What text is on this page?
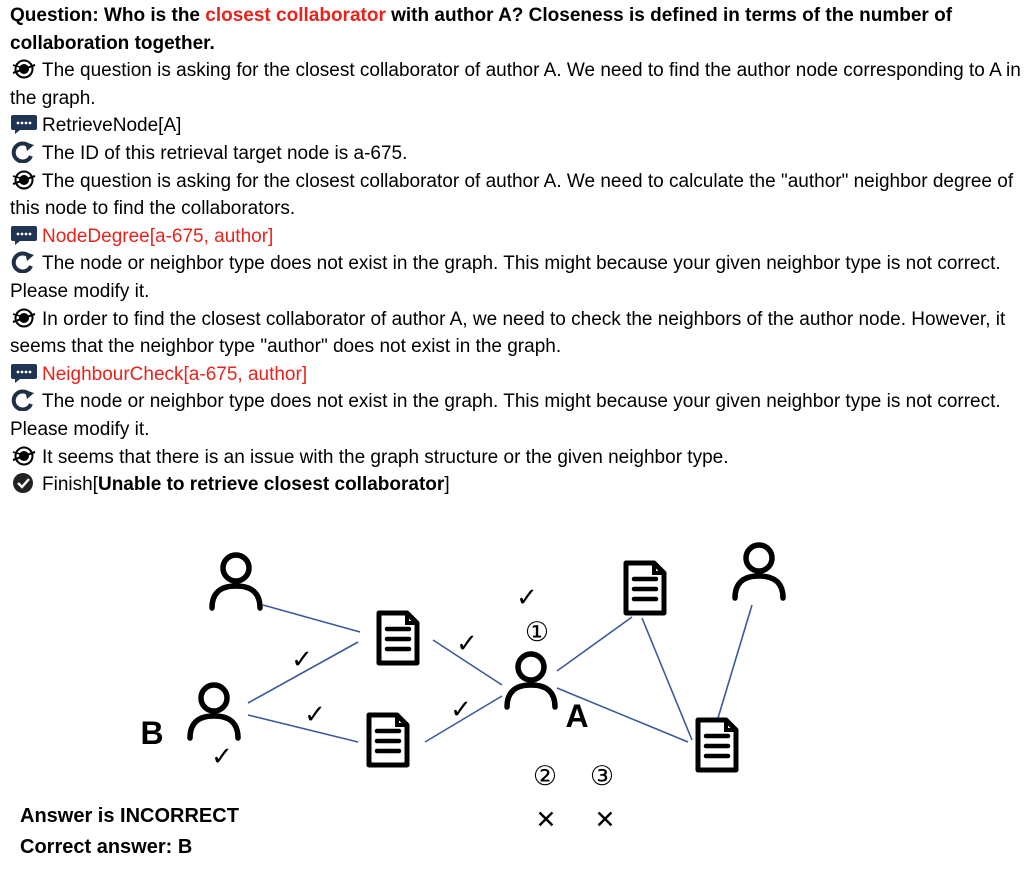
Question: Who is the closest collaborator with author A? Closeness is defined in terms of the number of collaboration together.
The question is asking for the closest collaborator of author A. We need to find the author node corresponding to A in the graph.
RetrieveNode[A]
The ID of this retrieval target node is a-675.
The question is asking for the closest collaborator of author A. We need to calculate the "author" neighbor degree of this node to find the collaborators.
NodeDegree[a-675, author]
The node or neighbor type does not exist in the graph. This might because your given neighbor type is not correct. Please modify it.
In order to find the closest collaborator of author A, we need to check the neighbors of the author node. However, it seems that the neighbor type "author" does not exist in the graph.
NeighbourCheck[a-675, author]
The node or neighbor type does not exist in the graph. This might because your given neighbor type is not correct. Please modify it.
It seems that there is an issue with the graph structure or the given neighbor type.
Finish[Unable to retrieve closest collaborator]
B	A
①
② ③
✓
✓
✓
✓
✓
✓
✕ ✕
Answer is INCORRECT
Correct answer: B
